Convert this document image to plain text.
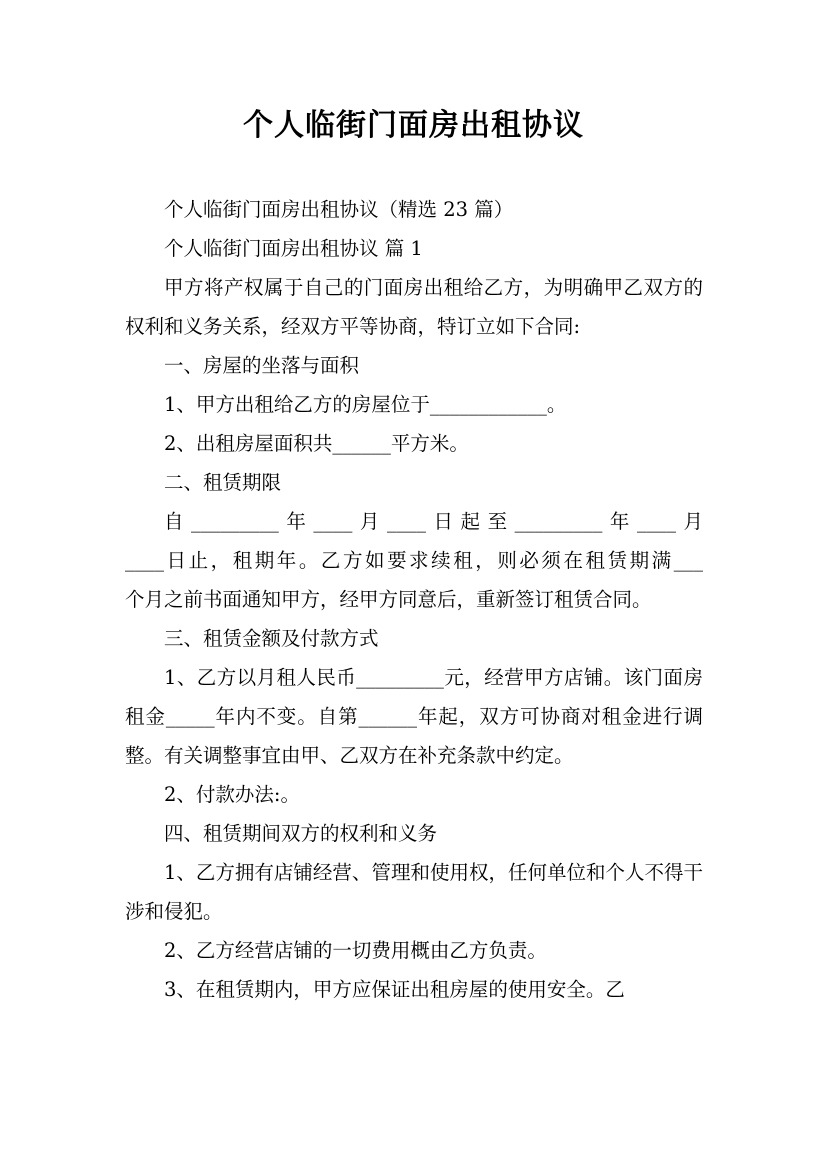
个人临街门面房出租协议

个人临街门面房出租协议（精选 23 篇）

个人临街门面房出租协议 篇 1

甲方将产权属于自己的门面房出租给乙方，为明确甲乙双方的权利和义务关系，经双方平等协商，特订立如下合同:

一、房屋的坐落与面积

1、甲方出租给乙方的房屋位于____________。

2、出租房屋面积共______平方米。

二、租赁期限

自_________年____月____日起至_________年____月
____日止，租期年。乙方如要求续租，则必须在租赁期满___
个月之前书面通知甲方，经甲方同意后，重新签订租赁合同。

三、租赁金额及付款方式

1、乙方以月租人民币_________元，经营甲方店铺。该门面房租金_____年内不变。自第______年起，双方可协商对租金进行调整。有关调整事宜由甲、乙双方在补充条款中约定。

2、付款办法:。

四、租赁期间双方的权利和义务

1、乙方拥有店铺经营、管理和使用权，任何单位和个人不得干涉和侵犯。

2、乙方经营店铺的一切费用概由乙方负责。

3、在租赁期内，甲方应保证出租房屋的使用安全。乙
